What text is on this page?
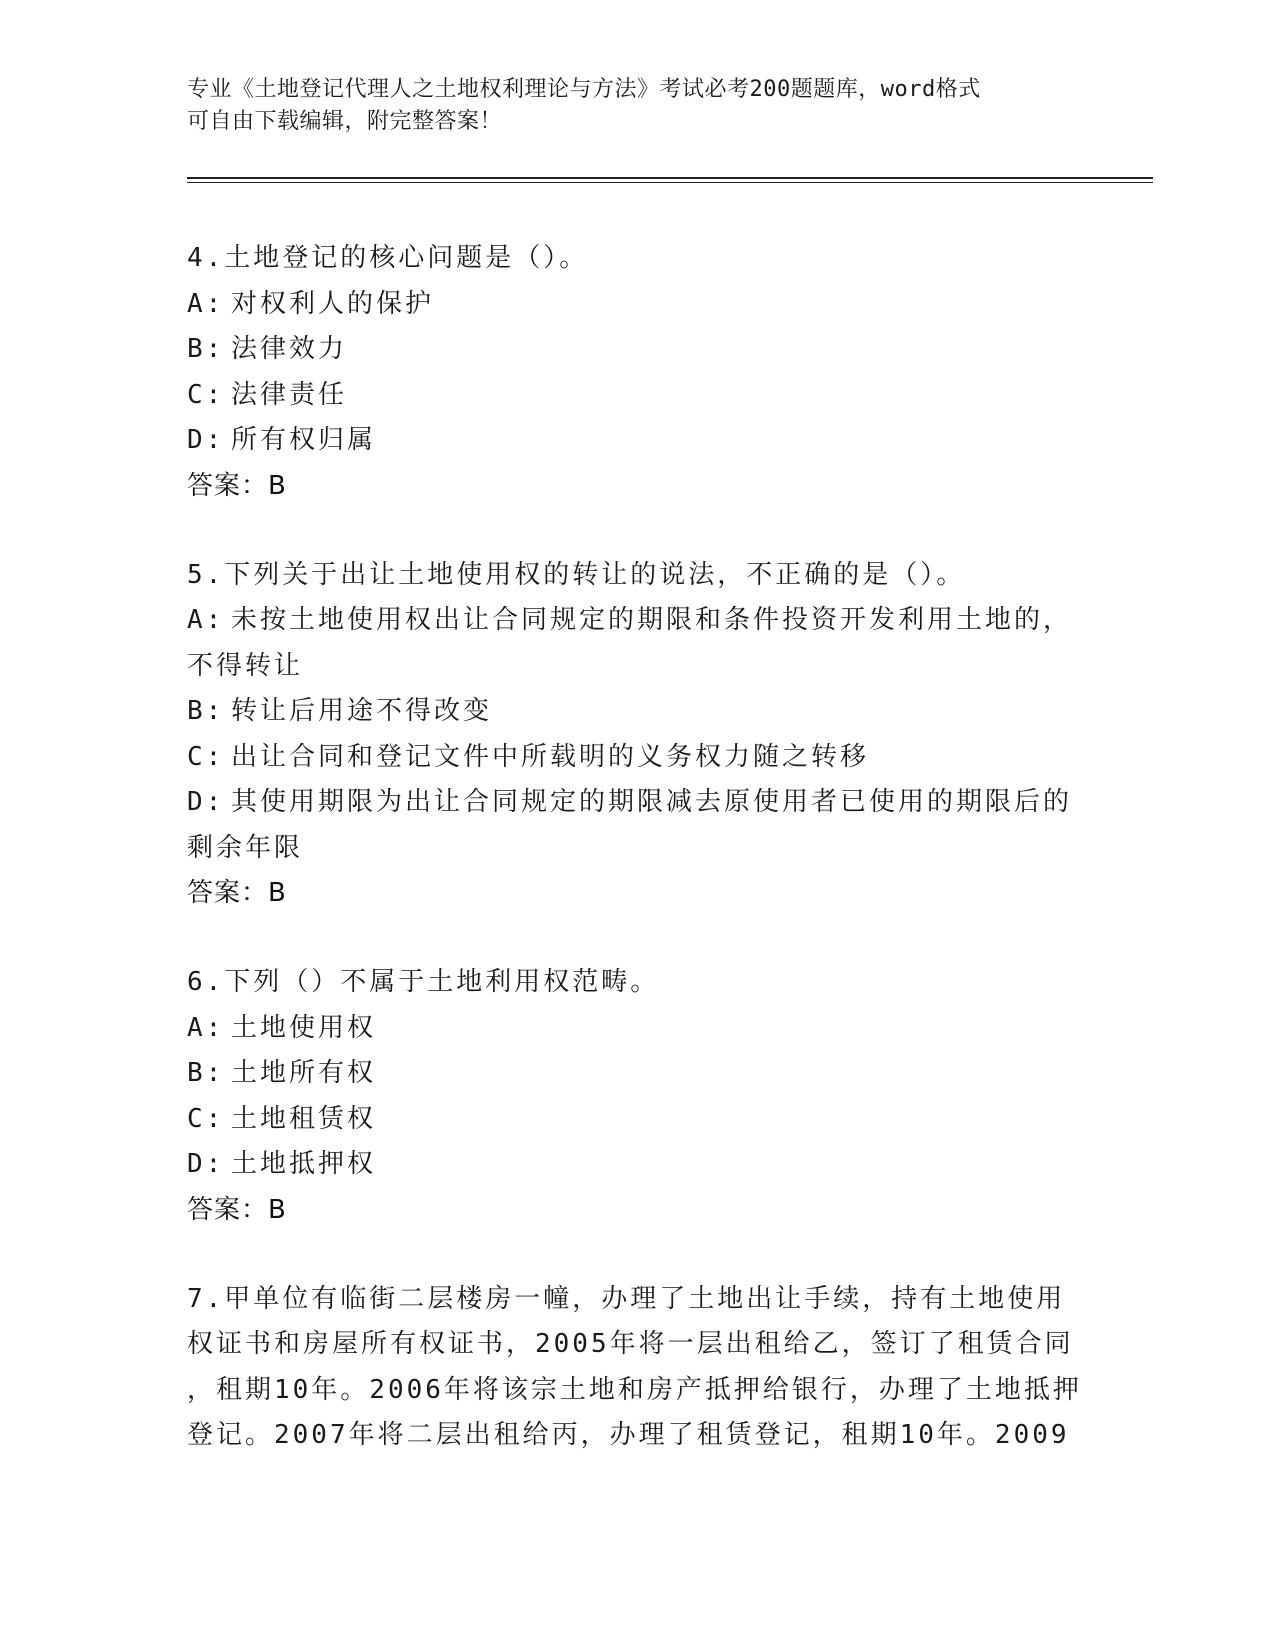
专业《土地登记代理人之土地权利理论与方法》考试必考200题题库，word格式
可自由下载编辑，附完整答案！
4.土地登记的核心问题是（）。
A: 对权利人的保护
B: 法律效力
C: 法律责任
D: 所有权归属
答案：B
5.下列关于出让土地使用权的转让的说法，不正确的是（）。
A: 未按土地使用权出让合同规定的期限和条件投资开发利用土地的，
不得转让
B: 转让后用途不得改变
C: 出让合同和登记文件中所载明的义务权力随之转移
D: 其使用期限为出让合同规定的期限减去原使用者已使用的期限后的
剩余年限
答案：B
6.下列（）不属于土地利用权范畴。
A: 土地使用权
B: 土地所有权
C: 土地租赁权
D: 土地抵押权
答案：B
7.甲单位有临街二层楼房一幢，办理了土地出让手续，持有土地使用
权证书和房屋所有权证书，2005年将一层出租给乙，签订了租赁合同
，租期10年。2006年将该宗土地和房产抵押给银行，办理了土地抵押
登记。2007年将二层出租给丙，办理了租赁登记，租期10年。2009
